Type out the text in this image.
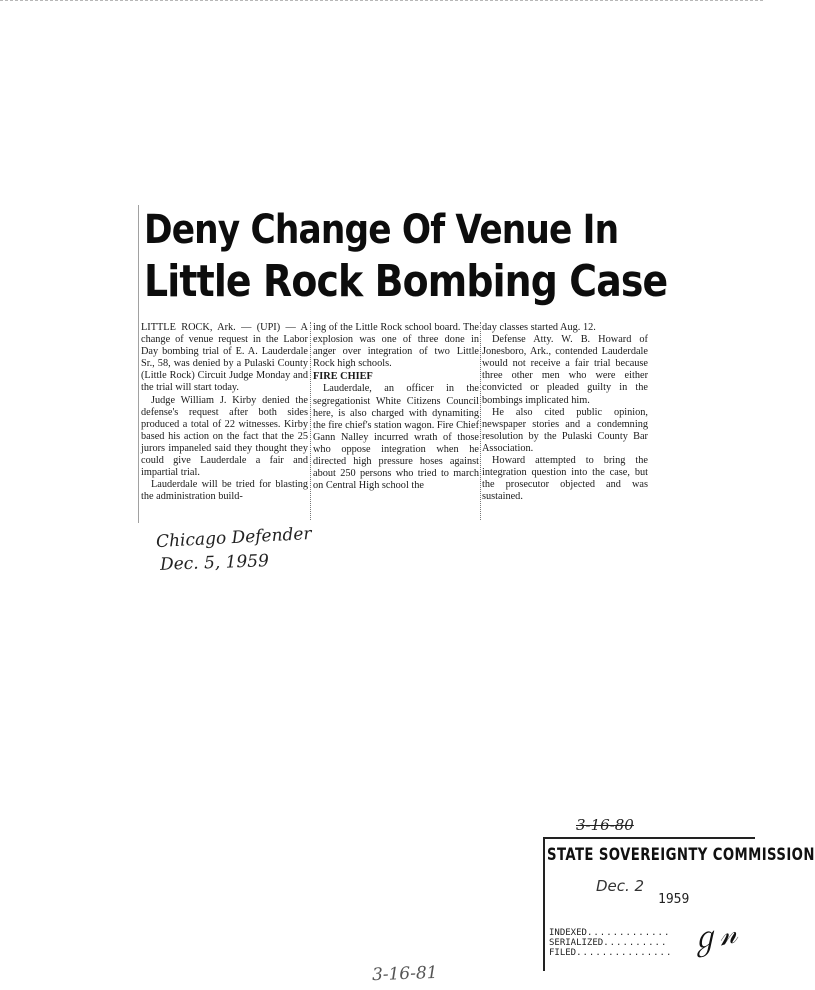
Deny Change Of Venue In
Little Rock Bombing Case

LITTLE ROCK, Ark. — (UPI) — A change of venue request in the Labor Day bombing trial of E. A. Lauderdale Sr., 58, was denied by a Pulaski County (Little Rock) Circuit Judge Monday and the trial will start today.

Judge William J. Kirby denied the defense's request after both sides produced a total of 22 witnesses. Kirby based his action on the fact that the 25 jurors impaneled said they thought they could give Lauderdale a fair and impartial trial.

Lauderdale will be tried for blasting the administration build-

ing of the Little Rock school board. The explosion was one of three done in anger over integration of two Little Rock high schools.

FIRE CHIEF

Lauderdale, an officer in the segregationist White Citizens Council here, is also charged with dynamiting the fire chief's station wagon. Fire Chief Gann Nalley incurred wrath of those who oppose integration when he directed high pressure hoses against about 250 persons who tried to march on Central High school the

day classes started Aug. 12.

Defense Atty. W. B. Howard of Jonesboro, Ark., contended Lauderdale would not receive a fair trial because three other men who were either convicted or pleaded guilty in the bombings implicated him.

He also cited public opinion, newspaper stories and a condemning resolution by the Pulaski County Bar Association.

Howard attempted to bring the integration question into the case, but the prosecutor objected and was sustained.

Chicago Defender
Dec. 5, 1959
3-16-80
STATE SOVEREIGNTY COMMISSION
Dec. 2
1959
INDEXED.............
SERIALIZED..........
FILED............... ℊ𝓃
3-16-81
